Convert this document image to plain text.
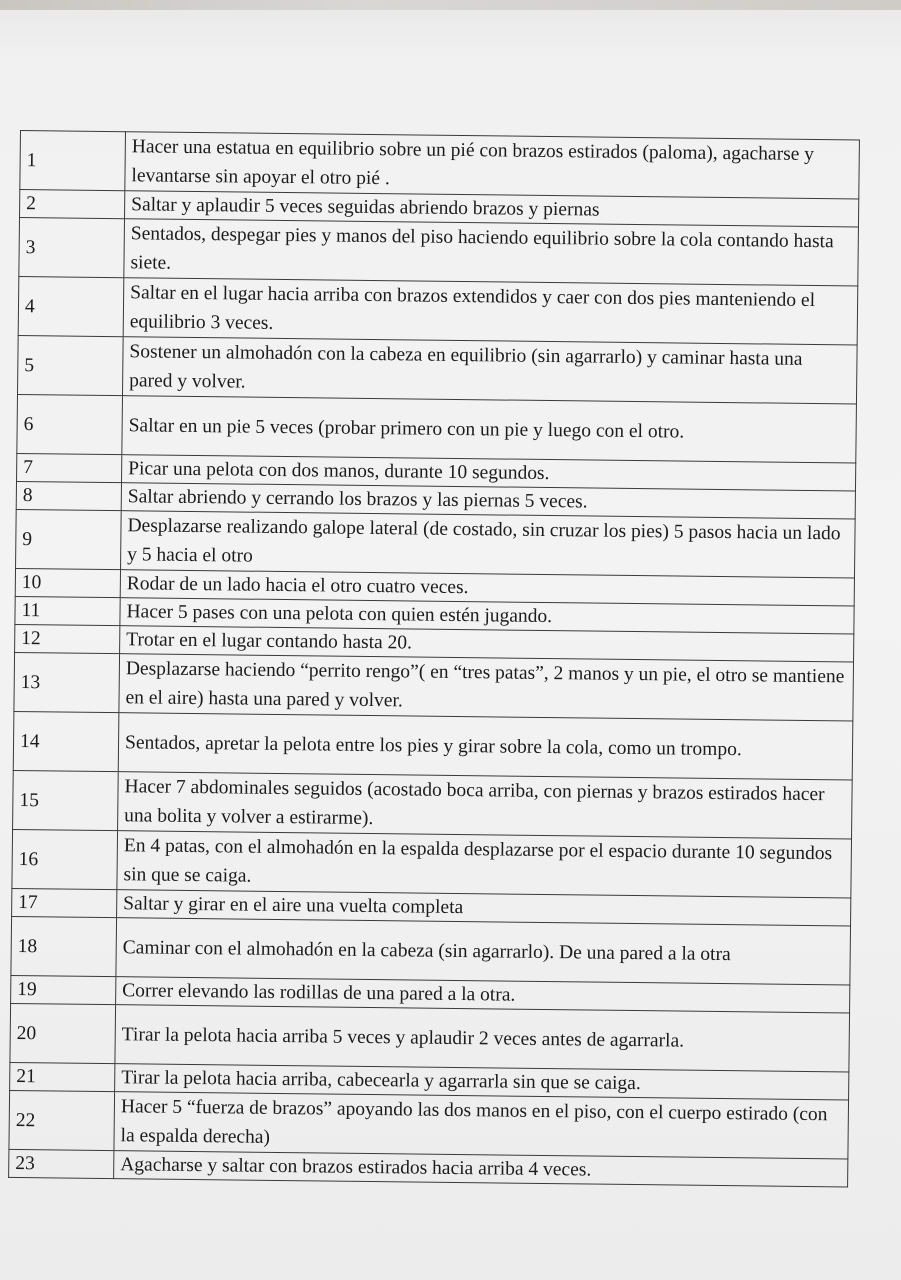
1	Hacer una estatua en equilibrio sobre un pié con brazos estirados (paloma), agacharse y levantarse sin apoyar el otro pié .
2	Saltar y aplaudir 5 veces seguidas abriendo brazos y piernas
3	Sentados, despegar pies y manos del piso haciendo equilibrio sobre la cola contando hasta siete.
4	Saltar en el lugar hacia arriba con brazos extendidos y caer con dos pies manteniendo el equilibrio 3 veces.
5	Sostener un almohadón con la cabeza en equilibrio (sin agarrarlo) y caminar hasta una pared y volver.
6	Saltar en un pie 5 veces (probar primero con un pie y luego con el otro.
7	Picar una pelota con dos manos, durante 10 segundos.
8	Saltar abriendo y cerrando los brazos y las piernas 5 veces.
9	Desplazarse realizando galope lateral (de costado, sin cruzar los pies) 5 pasos hacia un lado y 5 hacia el otro
10	Rodar de un lado hacia el otro cuatro veces.
11	Hacer 5 pases con una pelota con quien estén jugando.
12	Trotar en el lugar contando hasta 20.
13	Desplazarse haciendo “perrito rengo”( en “tres patas”, 2 manos y un pie, el otro se mantiene en el aire) hasta una pared y volver.
14	Sentados, apretar la pelota entre los pies y girar sobre la cola, como un trompo.
15	Hacer 7 abdominales seguidos (acostado boca arriba, con piernas y brazos estirados hacer una bolita y volver a estirarme).
16	En 4 patas, con el almohadón en la espalda desplazarse por el espacio durante 10 segundos sin que se caiga.
17	Saltar y girar en el aire una vuelta completa
18	Caminar con el almohadón en la cabeza (sin agarrarlo). De una pared a la otra
19	Correr elevando las rodillas de una pared a la otra.
20	Tirar la pelota hacia arriba 5 veces y aplaudir 2 veces antes de agarrarla.
21	Tirar la pelota hacia arriba, cabecearla y agarrarla sin que se caiga.
22	Hacer 5 “fuerza de brazos” apoyando las dos manos en el piso, con el cuerpo estirado (con la espalda derecha)
23	Agacharse y saltar con brazos estirados hacia arriba 4 veces.
